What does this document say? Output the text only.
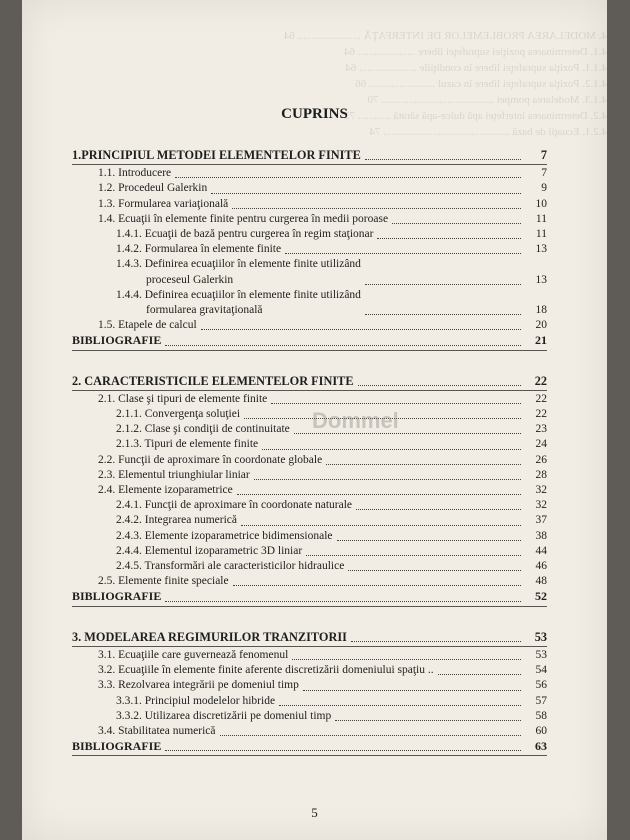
4. MODELAREA PROBLEMELOR DE INTERFAŢĂ ....................... 64
4.1. Determinarea poziţiei suprafeţei libere ..................... 64
4.1.1. Poziţia suprafeţei libere în condiţiile ..................... 64
4.1.2. Poziţia suprafeţei libere în cazul ........................ 66
4.1.3. Modelarea pompei ......................................... 70
4.2. Determinarea interfeţei apă dulce-apă sărată ............ 72
4.2.1. Ecuaţii de bază .............................................. 74
CUPRINS
1.PRINCIPIUL METODEI ELEMENTELOR FINITE	7
1.1. Introducere	7
1.2. Procedeul Galerkin	9
1.3. Formularea variaţională	10
1.4. Ecuaţii în elemente finite pentru curgerea în medii poroase	11
1.4.1. Ecuaţii de bază pentru curgerea în regim staţionar	11
1.4.2. Formularea în elemente finite	13
1.4.3. Definirea ecuaţiilor în elemente finite utilizând
proceseul Galerkin	13
1.4.4. Definirea ecuaţiilor în elemente finite utilizând
formularea gravitaţională	18
1.5. Etapele de calcul	20
BIBLIOGRAFIE	21
2. CARACTERISTICILE ELEMENTELOR FINITE	22
2.1. Clase şi tipuri de elemente finite	22
2.1.1. Convergenţa soluţiei	22
2.1.2. Clase şi condiţii de continuitate	23
2.1.3. Tipuri de elemente finite	24
2.2. Funcţii de aproximare în coordonate globale	26
2.3. Elementul triunghiular liniar	28
2.4. Elemente izoparametrice	32
2.4.1. Funcţii de aproximare în coordonate naturale	32
2.4.2. Integrarea numerică	37
2.4.3. Elemente izoparametrice bidimensionale	38
2.4.4. Elementul izoparametric 3D liniar	44
2.4.5. Transformări ale caracteristicilor hidraulice	46
2.5. Elemente finite speciale	48
BIBLIOGRAFIE	52
3. MODELAREA REGIMURILOR TRANZITORII	53
3.1. Ecuaţiile care guvernează fenomenul	53
3.2. Ecuaţiile în elemente finite aferente discretizării domeniului spaţiu ..	54
3.3. Rezolvarea integrării pe domeniul timp	56
3.3.1. Principiul modelelor hibride	57
3.3.2. Utilizarea discretizării pe domeniul timp	58
3.4. Stabilitatea numerică	60
BIBLIOGRAFIE	63
Dommel
5
